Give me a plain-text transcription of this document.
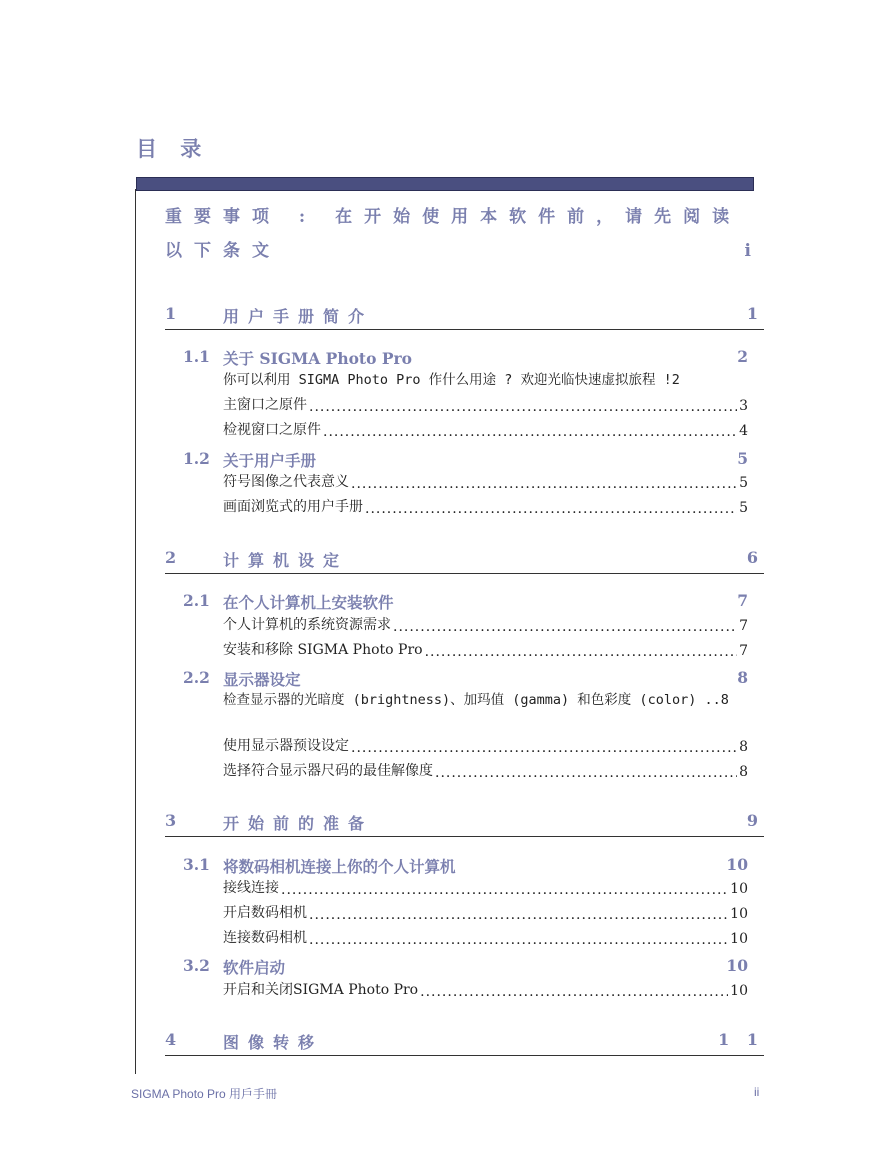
目 录
重要事项 : 在开始使用本软件前，请先阅读
以下条文	i
1	用户手册简介	1
1.1 关于 SIGMA Photo Pro	2
你可以利用 SIGMA Photo Pro 作什么用途 ? 欢迎光临快速虚拟旅程 !2
主窗口之原件 .....	3
检视窗口之原件 .....	4
1.2 关于用户手册	5
符号图像之代表意义 .....	5
画面浏览式的用户手册 .....	5
2	计算机设定	6
2.1 在个人计算机上安装软件	7
个人计算机的系统资源需求 .....	7
安装和移除 SIGMA Photo Pro .....	7
2.2 显示器设定	8
检查显示器的光暗度 (brightness)、加玛值 (gamma) 和色彩度 (color) ..8
使用显示器预设设定 .....	8
选择符合显示器尺码的最佳解像度 .....	8
3	开始前的准备	9
3.1 将数码相机连接上你的个人计算机	10
接线连接 .....	10
开启数码相机 .....	10
连接数码相机 .....	10
3.2 软件启动	10
开启和关闭SIGMA Photo Pro .....	10
4	图像转移	1 1
SIGMA Photo Pro 用戶手冊	ii
